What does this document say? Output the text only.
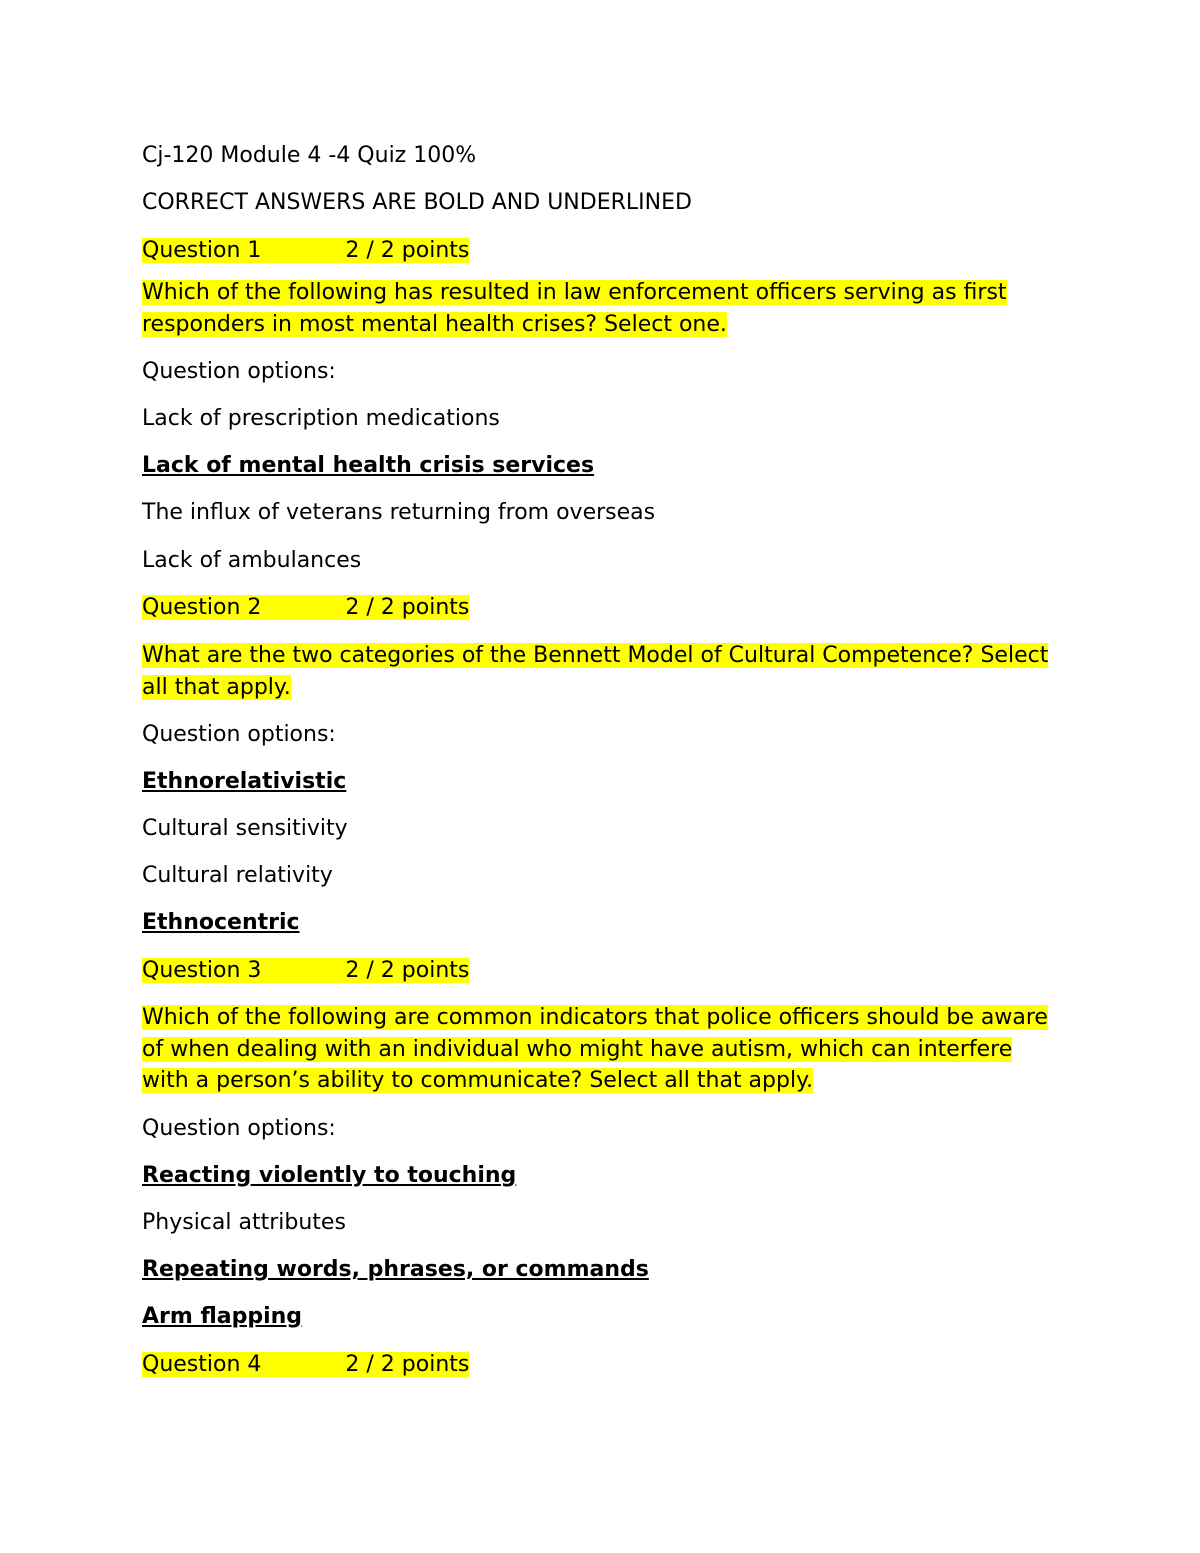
Cj-120 Module 4 -4 Quiz 100%
CORRECT ANSWERS ARE BOLD AND UNDERLINED
Question 1	2 / 2 points
Which of the following has resulted in law enforcement officers serving as first responders in most mental health crises? Select one.
Question options:
Lack of prescription medications
Lack of mental health crisis services
The influx of veterans returning from overseas
Lack of ambulances
Question 2	2 / 2 points
What are the two categories of the Bennett Model of Cultural Competence? Select all that apply.
Question options:
Ethnorelativistic
Cultural sensitivity
Cultural relativity
Ethnocentric
Question 3	2 / 2 points
Which of the following are common indicators that police officers should be aware of when dealing with an individual who might have autism, which can interfere with a person’s ability to communicate? Select all that apply.
Question options:
Reacting violently to touching
Physical attributes
Repeating words, phrases, or commands
Arm flapping
Question 4	2 / 2 points
